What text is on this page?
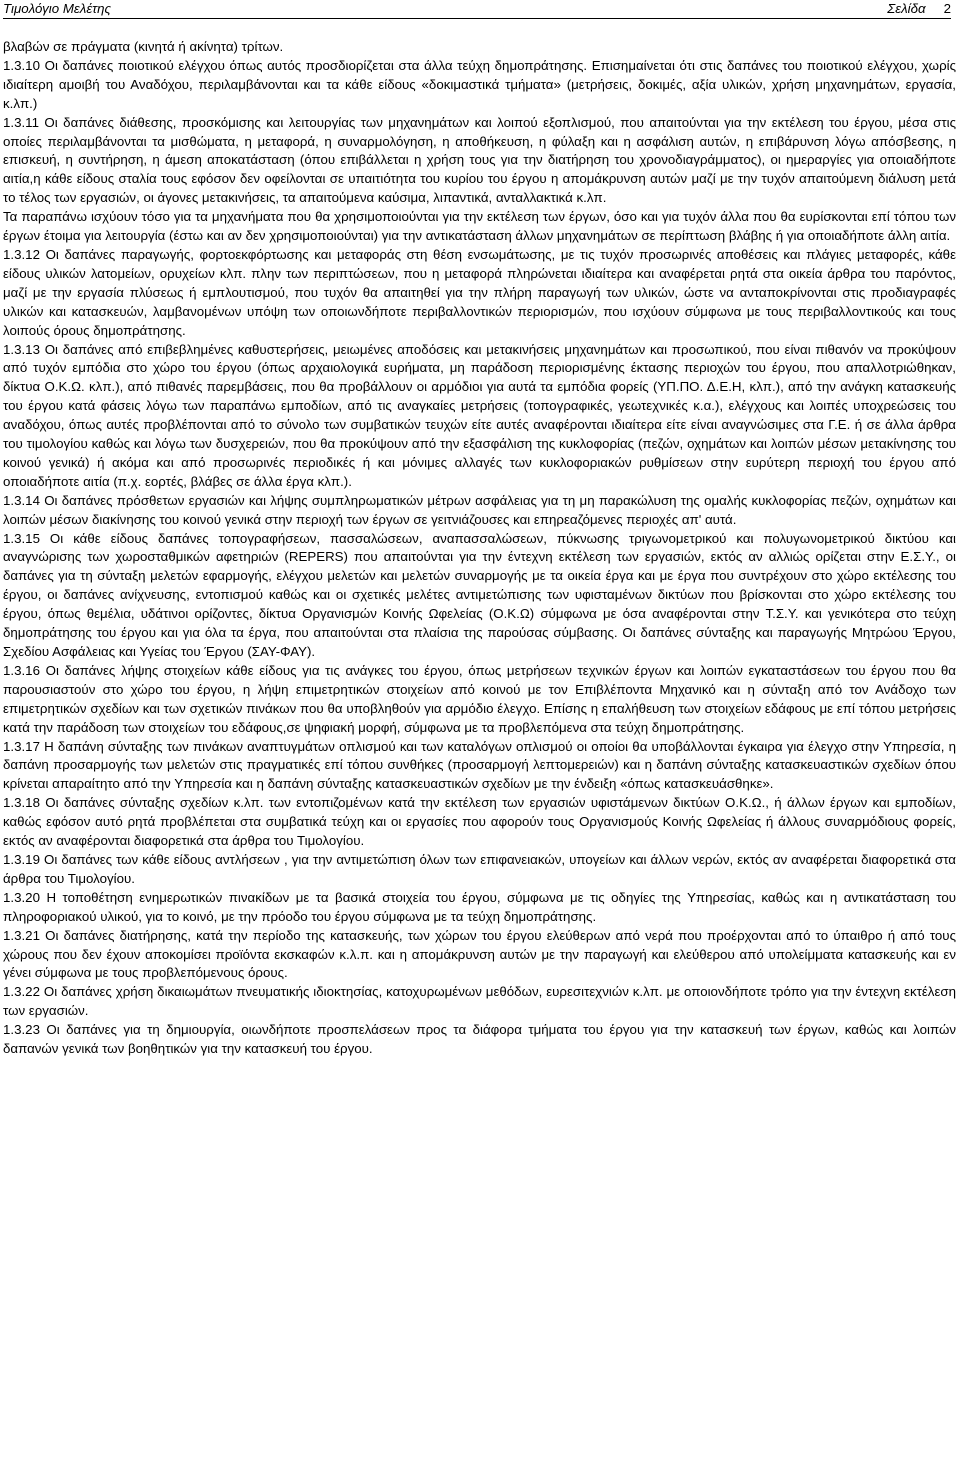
Τιμολόγιο Μελέτης	Σελίδα 2

βλαβών σε πράγματα (κινητά ή ακίνητα) τρίτων.

1.3.10 Οι δαπάνες ποιοτικού ελέγχου όπως αυτός προσδιορίζεται στα άλλα τεύχη δημοπράτησης. Επισημαίνεται ότι στις δαπάνες του ποιοτικού ελέγχου, χωρίς ιδιαίτερη αμοιβή του Αναδόχου, περιλαμβάνονται και τα κάθε είδους «δοκιμαστικά τμήματα» (μετρήσεις, δοκιμές, αξία υλικών, χρήση μηχανημάτων, εργασία, κ.λπ.)

1.3.11 Οι δαπάνες διάθεσης, προσκόμισης και λειτουργίας των μηχανημάτων και λοιπού εξοπλισμού, που απαιτούνται για την εκτέλεση του έργου, μέσα στις οποίες περιλαμβάνονται τα μισθώματα, η μεταφορά, η συναρμολόγηση, η αποθήκευση, η φύλαξη και η ασφάλιση αυτών, η επιβάρυνση λόγω απόσβεσης, η επισκευή, η συντήρηση, η άμεση αποκατάσταση (όπου επιβάλλεται η χρήση τους για την διατήρηση του χρονοδιαγράμματος), οι ημεραργίες για οποιαδήποτε αιτία,η κάθε είδους σταλία τους εφόσον δεν οφείλονται σε υπαιτιότητα του κυρίου του έργου η απομάκρυνση αυτών μαζί με την τυχόν απαιτούμενη διάλυση μετά το τέλος των εργασιών, οι άγονες μετακινήσεις, τα απαιτούμενα καύσιμα, λιπαντικά, ανταλλακτικά κ.λπ.

Τα παραπάνω ισχύουν τόσο για τα μηχανήματα που θα χρησιμοποιούνται για την εκτέλεση των έργων, όσο και για τυχόν άλλα που θα ευρίσκονται επί τόπου των έργων έτοιμα για λειτουργία (έστω και αν δεν χρησιμοποιούνται) για την αντικατάσταση άλλων μηχανημάτων σε περίπτωση βλάβης ή για οποιαδήποτε άλλη αιτία.

1.3.12 Οι δαπάνες παραγωγής, φορτοεκφόρτωσης και μεταφοράς στη θέση ενσωμάτωσης, με τις τυχόν προσωρινές αποθέσεις και πλάγιες μεταφορές, κάθε είδους υλικών λατομείων, ορυχείων κλπ. πλην των περιπτώσεων, που η μεταφορά πληρώνεται ιδιαίτερα και αναφέρεται ρητά στα οικεία άρθρα του παρόντος, μαζί με την εργασία πλύσεως ή εμπλουτισμού, που τυχόν θα απαιτηθεί για την πλήρη παραγωγή των υλικών, ώστε να ανταποκρίνονται στις προδιαγραφές υλικών και κατασκευών, λαμβανομένων υπόψη των οποιωνδήποτε περιβαλλοντικών περιορισμών, που ισχύουν σύμφωνα με τους περιβαλλοντικούς και τους λοιπούς όρους δημοπράτησης.

1.3.13 Οι δαπάνες από επιβεβλημένες καθυστερήσεις, μειωμένες αποδόσεις και μετακινήσεις μηχανημάτων και προσωπικού, που είναι πιθανόν να προκύψουν από τυχόν εμπόδια στο χώρο του έργου (όπως αρχαιολογικά ευρήματα, μη παράδοση περιορισμένης έκτασης περιοχών του έργου, που απαλλοτριώθηκαν, δίκτυα Ο.Κ.Ω. κλπ.), από πιθανές παρεμβάσεις, που θα προβάλλουν οι αρμόδιοι για αυτά τα εμπόδια φορείς (ΥΠ.ΠΟ. Δ.Ε.Η, κλπ.), από την ανάγκη κατασκευής του έργου κατά φάσεις λόγω των παραπάνω εμποδίων, από τις αναγκαίες μετρήσεις (τοπογραφικές, γεωτεχνικές κ.α.), ελέγχους και λοιπές υποχρεώσεις του αναδόχου, όπως αυτές προβλέπονται από το σύνολο των συμβατικών τευχών είτε αυτές αναφέρονται ιδιαίτερα είτε είναι αναγνώσιμες στα Γ.Ε. ή σε άλλα άρθρα του τιμολογίου καθώς και λόγω των δυσχερειών, που θα προκύψουν από την εξασφάλιση της κυκλοφορίας (πεζών, οχημάτων και λοιπών μέσων μετακίνησης του κοινού γενικά) ή ακόμα και από προσωρινές περιοδικές ή και μόνιμες αλλαγές των κυκλοφοριακών ρυθμίσεων στην ευρύτερη περιοχή του έργου από οποιαδήποτε αιτία (π.χ. εορτές, βλάβες σε άλλα έργα κλπ.).

1.3.14 Οι δαπάνες πρόσθετων εργασιών και λήψης συμπληρωματικών μέτρων ασφάλειας για τη μη παρακώλυση της ομαλής κυκλοφορίας πεζών, οχημάτων και λοιπών μέσων διακίνησης του κοινού γενικά στην περιοχή των έργων σε γειτνιάζουσες και επηρεαζόμενες περιοχές απ' αυτά.

1.3.15 Οι κάθε είδους δαπάνες τοπογραφήσεων, πασσαλώσεων, αναπασσαλώσεων, πύκνωσης τριγωνομετρικού και πολυγωνομετρικού δικτύου και αναγνώρισης των χωροσταθμικών αφετηριών (REPERS) που απαιτούνται για την έντεχνη εκτέλεση των εργασιών, εκτός αν αλλιώς ορίζεται στην Ε.Σ.Υ., οι δαπάνες για τη σύνταξη μελετών εφαρμογής, ελέγχου μελετών και μελετών συναρμογής με τα οικεία έργα και με έργα που συντρέχουν στο χώρο εκτέλεσης του έργου, οι δαπάνες ανίχνευσης, εντοπισμού καθώς και οι σχετικές μελέτες αντιμετώπισης των υφισταμένων δικτύων που βρίσκονται στο χώρο εκτέλεσης του έργου, όπως θεμέλια, υδάτινοι ορίζοντες, δίκτυα Οργανισμών Κοινής Ωφελείας (Ο.Κ.Ω) σύμφωνα με όσα αναφέρονται στην Τ.Σ.Υ. και γενικότερα στο τεύχη δημοπράτησης του έργου και για όλα τα έργα, που απαιτούνται στα πλαίσια της παρούσας σύμβασης. Οι δαπάνες σύνταξης και παραγωγής Μητρώου Έργου, Σχεδίου Ασφάλειας και Υγείας του Έργου (ΣΑΥ-ΦΑΥ).

1.3.16 Οι δαπάνες λήψης στοιχείων κάθε είδους για τις ανάγκες του έργου, όπως μετρήσεων τεχνικών έργων και λοιπών εγκαταστάσεων του έργου που θα παρουσιαστούν στο χώρο του έργου, η λήψη επιμετρητικών στοιχείων από κοινού με τον Επιβλέποντα Μηχανικό και η σύνταξη από τον Ανάδοχο των επιμετρητικών σχεδίων και των σχετικών πινάκων που θα υποβληθούν για αρμόδιο έλεγχο. Επίσης η επαλήθευση των στοιχείων εδάφους με επί τόπου μετρήσεις κατά την παράδοση των στοιχείων του εδάφους,σε ψηφιακή μορφή, σύμφωνα με τα προβλεπόμενα στα τεύχη δημοπράτησης.

1.3.17 Η δαπάνη σύνταξης των πινάκων αναπτυγμάτων οπλισμού και των καταλόγων οπλισμού οι οποίοι θα υποβάλλονται έγκαιρα για έλεγχο στην Υπηρεσία, η δαπάνη προσαρμογής των μελετών στις πραγματικές επί τόπου συνθήκες (προσαρμογή λεπτομερειών) και η δαπάνη σύνταξης κατασκευαστικών σχεδίων όπου κρίνεται απαραίτητο από την Υπηρεσία και η δαπάνη σύνταξης κατασκευαστικών σχεδίων με την ένδειξη «όπως κατασκευάσθηκε».

1.3.18 Οι δαπάνες σύνταξης σχεδίων κ.λπ. των εντοπιζομένων κατά την εκτέλεση των εργασιών υφιστάμενων δικτύων Ο.Κ.Ω., ή άλλων έργων και εμποδίων, καθώς εφόσον αυτό ρητά προβλέπεται στα συμβατικά τεύχη και οι εργασίες που αφορούν τους Οργανισμούς Κοινής Ωφελείας ή άλλους συναρμόδιους φορείς, εκτός αν αναφέρονται διαφορετικά στα άρθρα του Τιμολογίου.

1.3.19 Οι δαπάνες των κάθε είδους αντλήσεων , για την αντιμετώπιση όλων των επιφανειακών, υπογείων και άλλων νερών, εκτός αν αναφέρεται διαφορετικά στα άρθρα του Τιμολογίου.

1.3.20 Η τοποθέτηση ενημερωτικών πινακίδων με τα βασικά στοιχεία του έργου, σύμφωνα με τις οδηγίες της Υπηρεσίας, καθώς και η αντικατάσταση του πληροφοριακού υλικού, για το κοινό, με την πρόοδο του έργου σύμφωνα με τα τεύχη δημοπράτησης.

1.3.21 Οι δαπάνες διατήρησης, κατά την περίοδο της κατασκευής, των χώρων του έργου ελεύθερων από νερά που προέρχονται από το ύπαιθρο ή από τους χώρους που δεν έχουν αποκομίσει προϊόντα εκσκαφών κ.λ.π. και η απομάκρυνση αυτών με την παραγωγή και ελεύθερου από υπολείμματα κατασκευής και εν γένει σύμφωνα με τους προβλεπόμενους όρους.

1.3.22 Οι δαπάνες χρήση δικαιωμάτων πνευματικής ιδιοκτησίας, κατοχυρωμένων μεθόδων, ευρεσιτεχνιών κ.λπ. με οποιονδήποτε τρόπο για την έντεχνη εκτέλεση των εργασιών.

1.3.23 Οι δαπάνες για τη δημιουργία, οιωνδήποτε προσπελάσεων προς τα διάφορα τμήματα του έργου για την κατασκευή των έργων, καθώς και λοιπών δαπανών γενικά των βοηθητικών για την κατασκευή του έργου.
